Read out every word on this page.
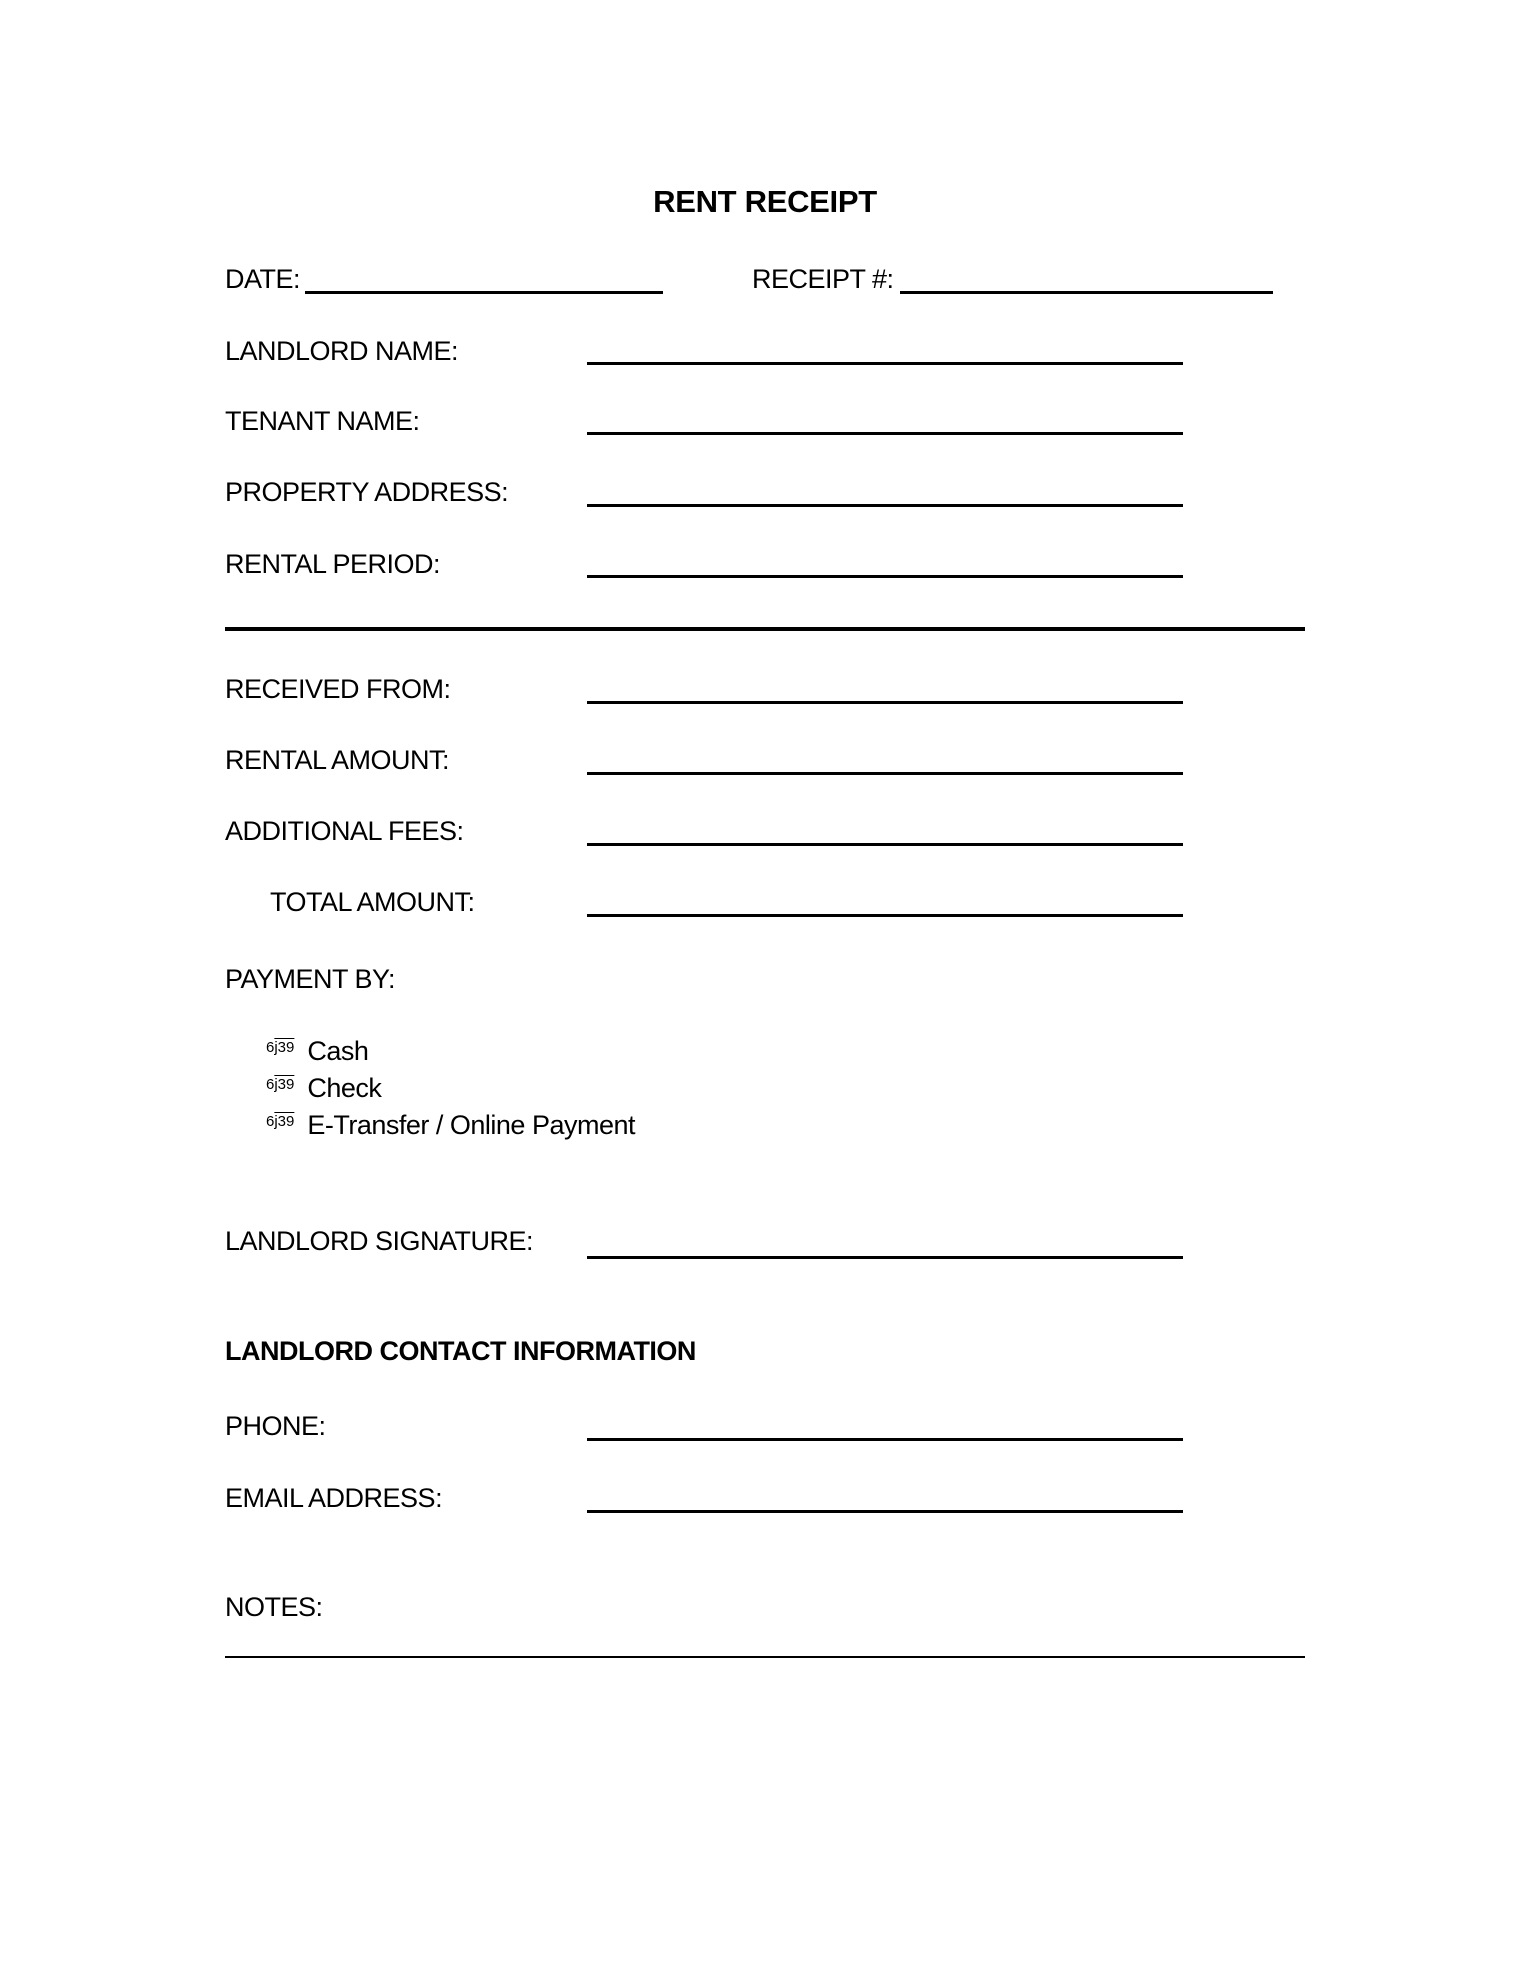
RENT RECEIPT
DATE:	RECEIPT #:
LANDLORD NAME:
TENANT NAME:
PROPERTY ADDRESS:
RENTAL PERIOD:
RECEIVED FROM:
RENTAL AMOUNT:
ADDITIONAL FEES:
TOTAL AMOUNT:
PAYMENT BY:
6j39 Cash
6j39 Check
6j39 E-Transfer / Online Payment
LANDLORD SIGNATURE:
LANDLORD CONTACT INFORMATION
PHONE:
EMAIL ADDRESS:
NOTES:
